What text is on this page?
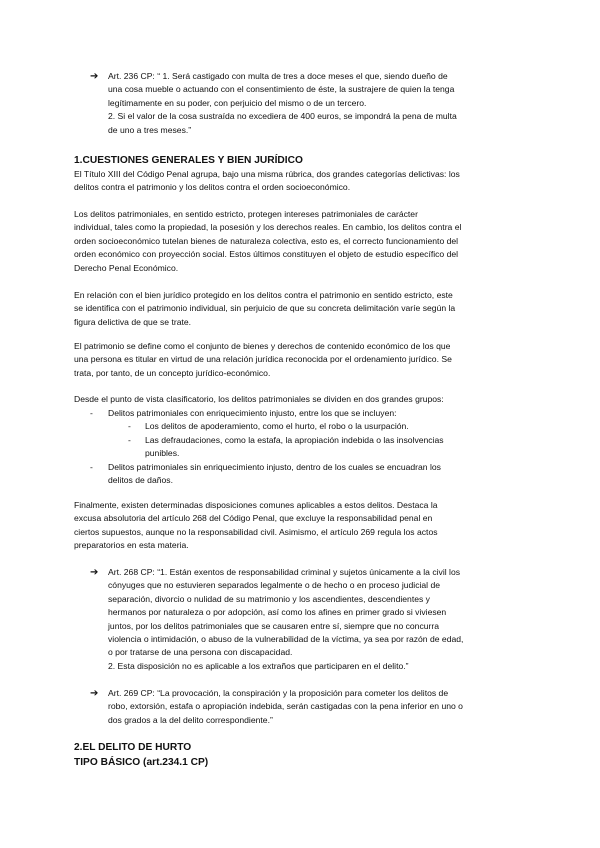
➔ Art. 236 CP: “ 1. Será castigado con multa de tres a doce meses el que, siendo dueño de

una cosa mueble o actuando con el consentimiento de éste, la sustrajere de quien la tenga

legítimamente en su poder, con perjuicio del mismo o de un tercero.

2. Si el valor de la cosa sustraída no excediera de 400 euros, se impondrá la pena de multa

de uno a tres meses.”

1.CUESTIONES GENERALES Y BIEN JURÍDICO

El Título XIII del Código Penal agrupa, bajo una misma rúbrica, dos grandes categorías delictivas: los

delitos contra el patrimonio y los delitos contra el orden socioeconómico.

Los delitos patrimoniales, en sentido estricto, protegen intereses patrimoniales de carácter

individual, tales como la propiedad, la posesión y los derechos reales. En cambio, los delitos contra el

orden socioeconómico tutelan bienes de naturaleza colectiva, esto es, el correcto funcionamiento del

orden económico con proyección social. Estos últimos constituyen el objeto de estudio específico del

Derecho Penal Económico.

En relación con el bien jurídico protegido en los delitos contra el patrimonio en sentido estricto, este

se identifica con el patrimonio individual, sin perjuicio de que su concreta delimitación varíe según la

figura delictiva de que se trate.

El patrimonio se define como el conjunto de bienes y derechos de contenido económico de los que

una persona es titular en virtud de una relación jurídica reconocida por el ordenamiento jurídico. Se

trata, por tanto, de un concepto jurídico-económico.

Desde el punto de vista clasificatorio, los delitos patrimoniales se dividen en dos grandes grupos:
- Delitos patrimoniales con enriquecimiento injusto, entre los que se incluyen:
- Los delitos de apoderamiento, como el hurto, el robo o la usurpación.
- Las defraudaciones, como la estafa, la apropiación indebida o las insolvencias

punibles.

- Delitos patrimoniales sin enriquecimiento injusto, dentro de los cuales se encuadran los

delitos de daños.

Finalmente, existen determinadas disposiciones comunes aplicables a estos delitos. Destaca la

excusa absolutoria del artículo 268 del Código Penal, que excluye la responsabilidad penal en

ciertos supuestos, aunque no la responsabilidad civil. Asimismo, el artículo 269 regula los actos

preparatorios en esta materia.

➔ Art. 268 CP: “1. Están exentos de responsabilidad criminal y sujetos únicamente a la civil los

cónyuges que no estuvieren separados legalmente o de hecho o en proceso judicial de

separación, divorcio o nulidad de su matrimonio y los ascendientes, descendientes y

hermanos por naturaleza o por adopción, así como los afines en primer grado si viviesen

juntos, por los delitos patrimoniales que se causaren entre sí, siempre que no concurra

violencia o intimidación, o abuso de la vulnerabilidad de la víctima, ya sea por razón de edad,

o por tratarse de una persona con discapacidad.

2. Esta disposición no es aplicable a los extraños que participaren en el delito.”

➔ Art. 269 CP: “La provocación, la conspiración y la proposición para cometer los delitos de

robo, extorsión, estafa o apropiación indebida, serán castigadas con la pena inferior en uno o

dos grados a la del delito correspondiente.”

2.EL DELITO DE HURTO
TIPO BÁSICO (art.234.1 CP)
